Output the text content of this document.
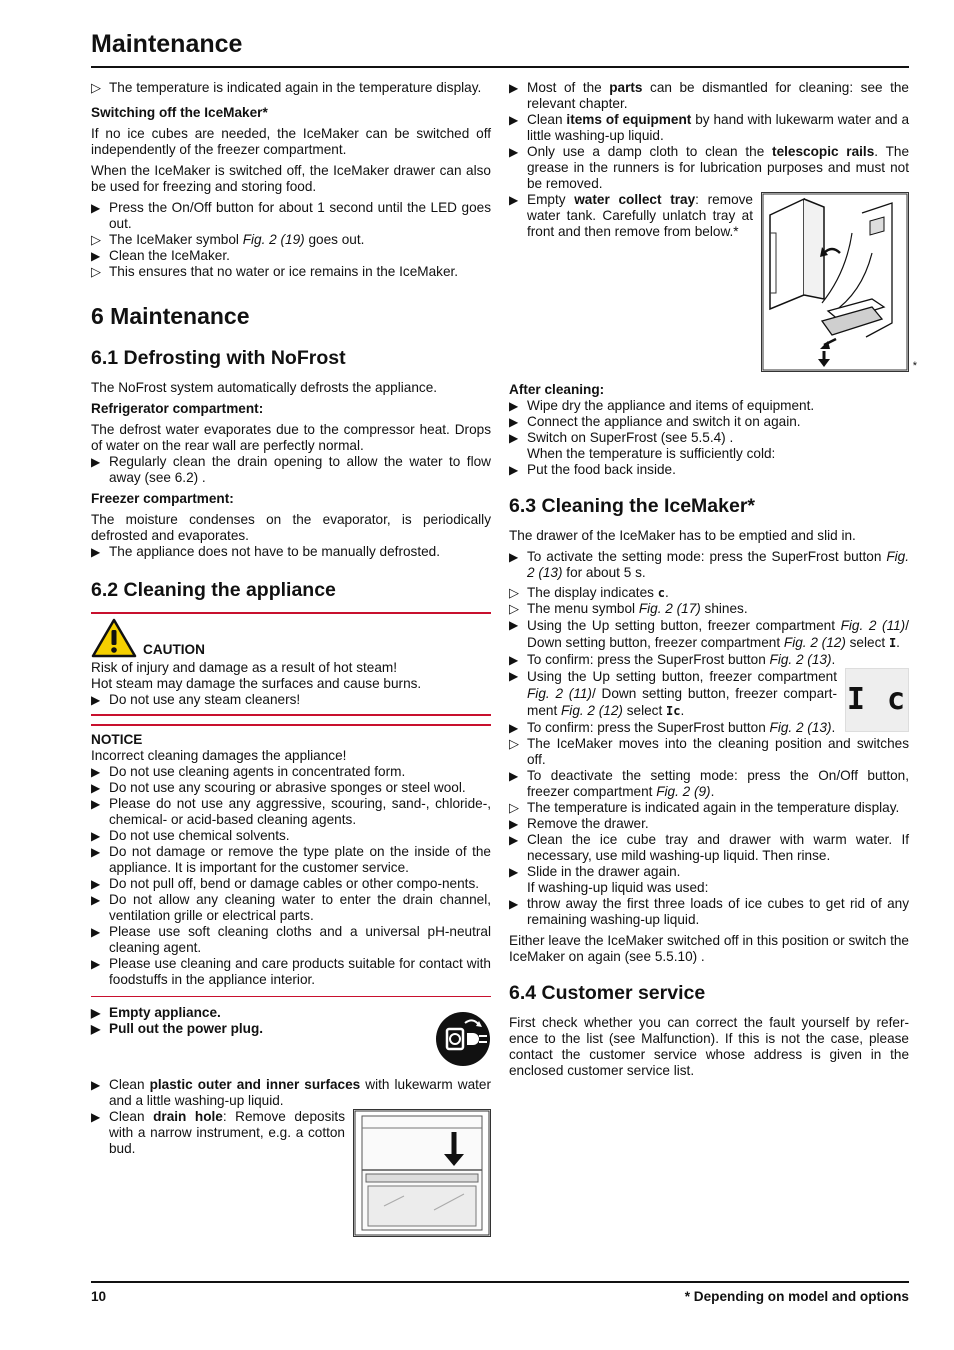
Maintenance
▷ The temperature is indicated again in the temperature display.
Switching off the IceMaker*

If no ice cubes are needed, the IceMaker can be switched off independently of the freezer compartment.

When the IceMaker is switched off, the IceMaker drawer can also be used for freezing and storing food.

▶ Press the On/Off button for about 1 second until the LED goes out.
▷ The IceMaker symbol Fig. 2 (19) goes out.
▶ Clean the IceMaker.
▷ This ensures that no water or ice remains in the IceMaker.
6 Maintenance
6.1 Defrosting with NoFrost

The NoFrost system automatically defrosts the appliance.

Refrigerator compartment:

The defrost water evaporates due to the compressor heat. Drops of water on the rear wall are perfectly normal.

▶ Regularly clean the drain opening to allow the water to flow away (see 6.2) .
Freezer compartment:

The moisture condenses on the evaporator, is periodically defrosted and evaporates.

▶ The appliance does not have to be manually defrosted.
6.2 Cleaning the appliance
CAUTION
Risk of injury and damage as a result of hot steam!
Hot steam may damage the surfaces and cause burns.
▶ Do not use any steam cleaners!
NOTICE
Incorrect cleaning damages the appliance!
▶ Do not use cleaning agents in concentrated form.
▶ Do not use any scouring or abrasive sponges or steel wool.
▶ Please do not use any aggressive, scouring, sand-, chloride-, chemical- or acid-based cleaning agents.
▶ Do not use chemical solvents.
▶ Do not damage or remove the type plate on the inside of the appliance. It is important for the customer service.
▶ Do not pull off, bend or damage cables or other compo-nents.
▶ Do not allow any cleaning water to enter the drain channel, ventilation grille or electrical parts.
▶ Please use soft cleaning cloths and a universal pH-neutral cleaning agent.
▶ Please use cleaning and care products suitable for contact with foodstuffs in the appliance interior.
▶ Empty appliance.
▶ Pull out the power plug.
▶ Clean plastic outer and inner surfaces with lukewarm water and a little washing-up liquid.
▶ Clean drain hole: Remove deposits with a narrow instrument, e.g. a cotton bud.
▶ Most of the parts can be dismantled for cleaning: see the relevant chapter.
▶ Clean items of equipment by hand with lukewarm water and a little washing-up liquid.
▶ Only use a damp cloth to clean the telescopic rails. The grease in the runners is for lubrication purposes and must not be removed.
*
▶ Empty water collect tray: remove water tank. Carefully unlatch tray at front and then remove from below.*
After cleaning:
▶ Wipe dry the appliance and items of equipment.
▶ Connect the appliance and switch it on again.
▶ Switch on SuperFrost (see 5.5.4) .
When the temperature is sufficiently cold:
▶ Put the food back inside.
6.3 Cleaning the IceMaker*

The drawer of the IceMaker has to be emptied and slid in.

▶ To activate the setting mode: press the SuperFrost button Fig. 2 (13) for about 5 s.
▷ The display indicates c.
▷ The menu symbol Fig. 2 (17) shines.
▶ Using the Up setting button, freezer compartment Fig. 2 (11)/ Down setting button, freezer compartment Fig. 2 (12) select I.
▶ To confirm: press the SuperFrost button Fig. 2 (13).
I c
▶ Using the Up setting button, freezer compartment Fig. 2 (11)/ Down setting button, freezer compart-ment Fig. 2 (12) select Ic.
▶ To confirm: press the SuperFrost button Fig. 2 (13).
▷ The IceMaker moves into the cleaning position and switches off.
▶ To deactivate the setting mode: press the On/Off button, freezer compartment Fig. 2 (9).
▷ The temperature is indicated again in the temperature display.
▶ Remove the drawer.
▶ Clean the ice cube tray and drawer with warm water. If necessary, use mild washing-up liquid. Then rinse.
▶ Slide in the drawer again.
If washing-up liquid was used:
▶ throw away the first three loads of ice cubes to get rid of any remaining washing-up liquid.

Either leave the IceMaker switched off in this position or switch the IceMaker on again (see 5.5.10) .

6.4 Customer service

First check whether you can correct the fault yourself by refer-ence to the list (see Malfunction). If this is not the case, please contact the customer service whose address is given in the enclosed customer service list.

10	* Depending on model and options
